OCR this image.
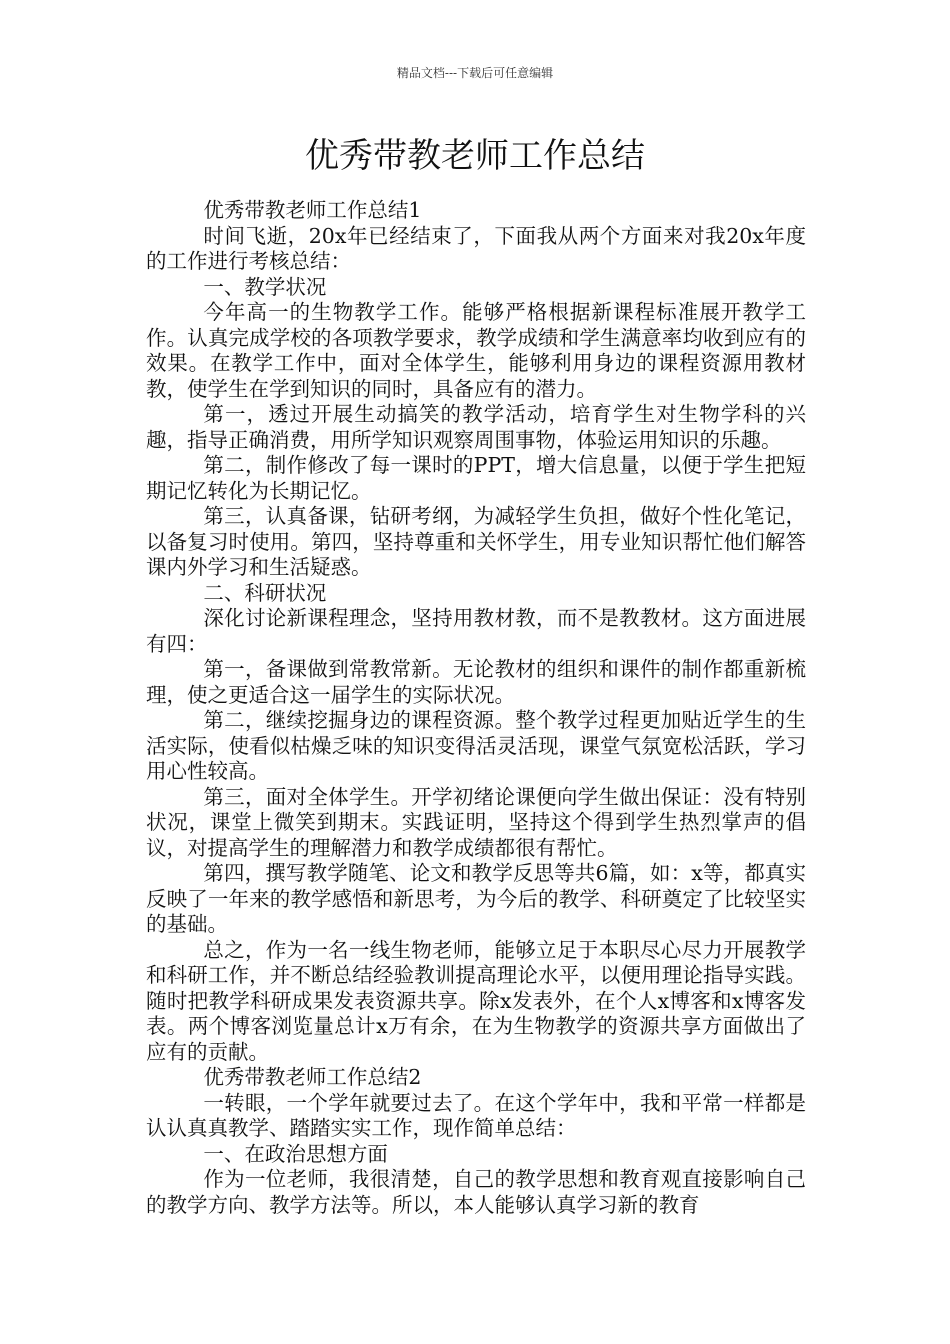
精品文档---下载后可任意编辑
优秀带教老师工作总结

优秀带教老师工作总结1

时间飞逝，20x年已经结束了，下面我从两个方面来对我20x年度的工作进行考核总结：

一、教学状况

今年高一的生物教学工作。能够严格根据新课程标准展开教学工作。认真完成学校的各项教学要求，教学成绩和学生满意率均收到应有的效果。在教学工作中，面对全体学生，能够利用身边的课程资源用教材教，使学生在学到知识的同时，具备应有的潜力。

第一，透过开展生动搞笑的教学活动，培育学生对生物学科的兴趣，指导正确消费，用所学知识观察周围事物，体验运用知识的乐趣。

第二，制作修改了每一课时的PPT，增大信息量，以便于学生把短期记忆转化为长期记忆。

第三，认真备课，钻研考纲，为减轻学生负担，做好个性化笔记，以备复习时使用。第四，坚持尊重和关怀学生，用专业知识帮忙他们解答课内外学习和生活疑惑。

二、科研状况

深化讨论新课程理念，坚持用教材教，而不是教教材。这方面进展有四：

第一，备课做到常教常新。无论教材的组织和课件的制作都重新梳理，使之更适合这一届学生的实际状况。

第二，继续挖掘身边的课程资源。整个教学过程更加贴近学生的生活实际，使看似枯燥乏味的知识变得活灵活现，课堂气氛宽松活跃，学习用心性较高。

第三，面对全体学生。开学初绪论课便向学生做出保证：没有特别状况，课堂上微笑到期末。实践证明，坚持这个得到学生热烈掌声的倡议，对提高学生的理解潜力和教学成绩都很有帮忙。

第四，撰写教学随笔、论文和教学反思等共6篇，如：x等，都真实反映了一年来的教学感悟和新思考，为今后的教学、科研奠定了比较坚实的基础。

总之，作为一名一线生物老师，能够立足于本职尽心尽力开展教学和科研工作，并不断总结经验教训提高理论水平，以便用理论指导实践。随时把教学科研成果发表资源共享。除x发表外，在个人x博客和x博客发表。两个博客浏览量总计x万有余，在为生物教学的资源共享方面做出了应有的贡献。

优秀带教老师工作总结2

一转眼，一个学年就要过去了。在这个学年中，我和平常一样都是认认真真教学、踏踏实实工作，现作简单总结：

一、在政治思想方面

作为一位老师，我很清楚，自己的教学思想和教育观直接影响自己的教学方向、教学方法等。所以，本人能够认真学习新的教育
